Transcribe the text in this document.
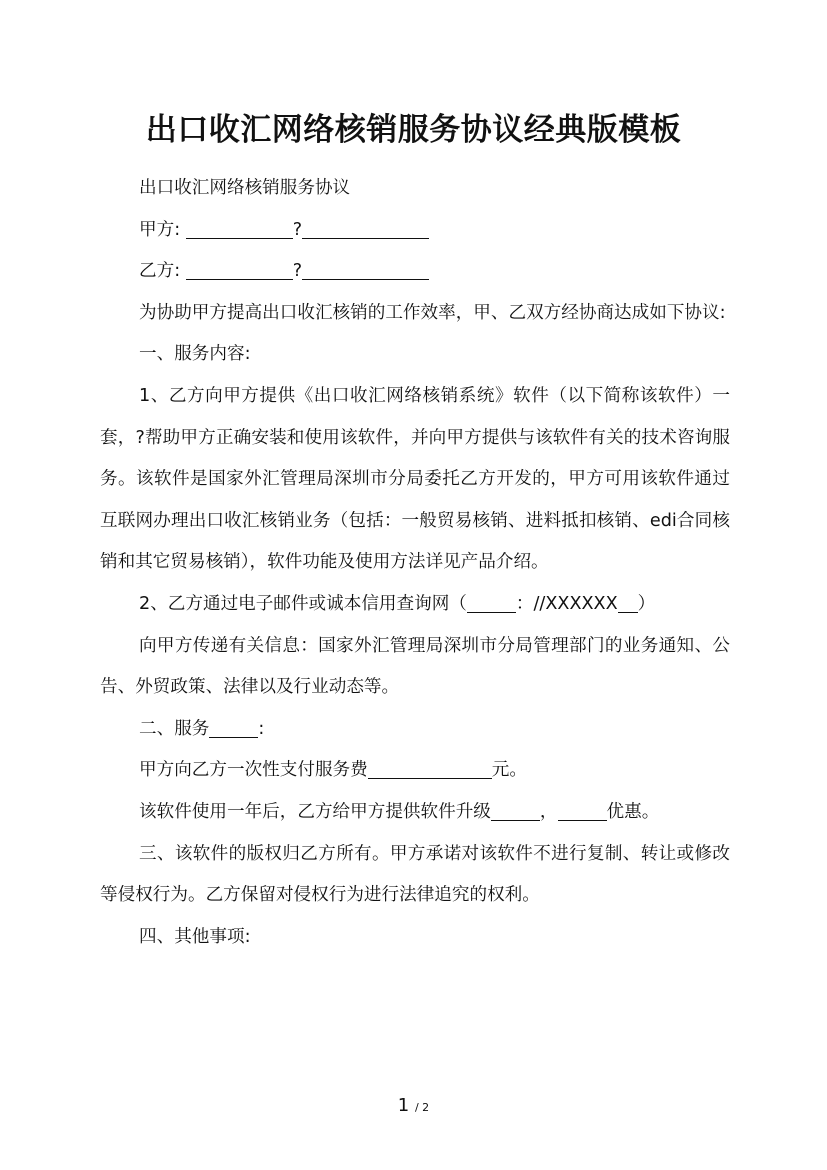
出口收汇网络核销服务协议经典版模板

出口收汇网络核销服务协议

甲方:	?

乙方:	?

为协助甲方提高出口收汇核销的工作效率，甲、乙双方经协商达成如下协议:

一、服务内容:

1、乙方向甲方提供《出口收汇网络核销系统》软件（以下简称该软件）一套，?帮助甲方正确安装和使用该软件，并向甲方提供与该软件有关的技术咨询服务。该软件是国家外汇管理局深圳市分局委托乙方开发的，甲方可用该软件通过互联网办理出口收汇核销业务（包括：一般贸易核销、进料抵扣核销、edi合同核销和其它贸易核销），软件功能及使用方法详见产品介绍。

2、乙方通过电子邮件或诚本信用查询网（	：//XXXXXX ）

向甲方传递有关信息：国家外汇管理局深圳市分局管理部门的业务通知、公告、外贸政策、法律以及行业动态等。

二、服务	:

甲方向乙方一次性支付服务费	元。

该软件使用一年后，乙方给甲方提供软件升级	，	优惠。

三、该软件的版权归乙方所有。甲方承诺对该软件不进行复制、转让或修改等侵权行为。乙方保留对侵权行为进行法律追究的权利。

四、其他事项:

1 / 2
